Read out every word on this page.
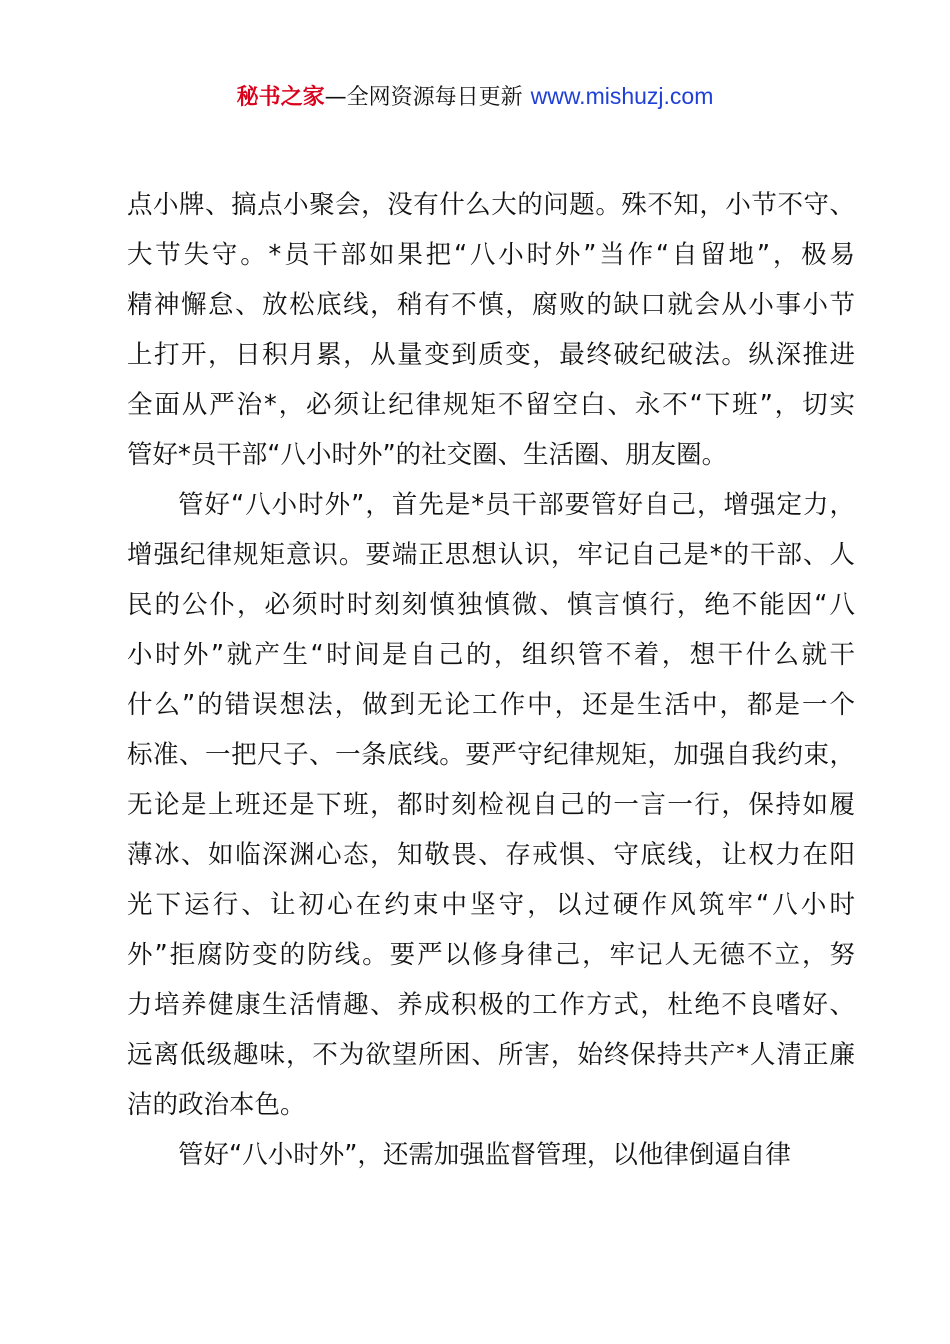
秘书之家—全网资源每日更新 www.mishuzj.com
点小牌、搞点小聚会，没有什么大的问题。殊不知，小节不守、
大节失守。*员干部如果把“八小时外”当作“自留地”，极易
精神懈怠、放松底线，稍有不慎，腐败的缺口就会从小事小节
上打开，日积月累，从量变到质变，最终破纪破法。纵深推进
全面从严治*，必须让纪律规矩不留空白、永不“下班”，切实
管好*员干部“八小时外”的社交圈、生活圈、朋友圈。
管好“八小时外”，首先是*员干部要管好自己，增强定力，
增强纪律规矩意识。要端正思想认识，牢记自己是*的干部、人
民的公仆，必须时时刻刻慎独慎微、慎言慎行，绝不能因“八
小时外”就产生“时间是自己的，组织管不着，想干什么就干
什么”的错误想法，做到无论工作中，还是生活中，都是一个
标准、一把尺子、一条底线。要严守纪律规矩，加强自我约束，
无论是上班还是下班，都时刻检视自己的一言一行，保持如履
薄冰、如临深渊心态，知敬畏、存戒惧、守底线，让权力在阳
光下运行、让初心在约束中坚守，以过硬作风筑牢“八小时
外”拒腐防变的防线。要严以修身律己，牢记人无德不立，努
力培养健康生活情趣、养成积极的工作方式，杜绝不良嗜好、
远离低级趣味，不为欲望所困、所害，始终保持共产*人清正廉
洁的政治本色。
管好“八小时外”，还需加强监督管理，以他律倒逼自律
